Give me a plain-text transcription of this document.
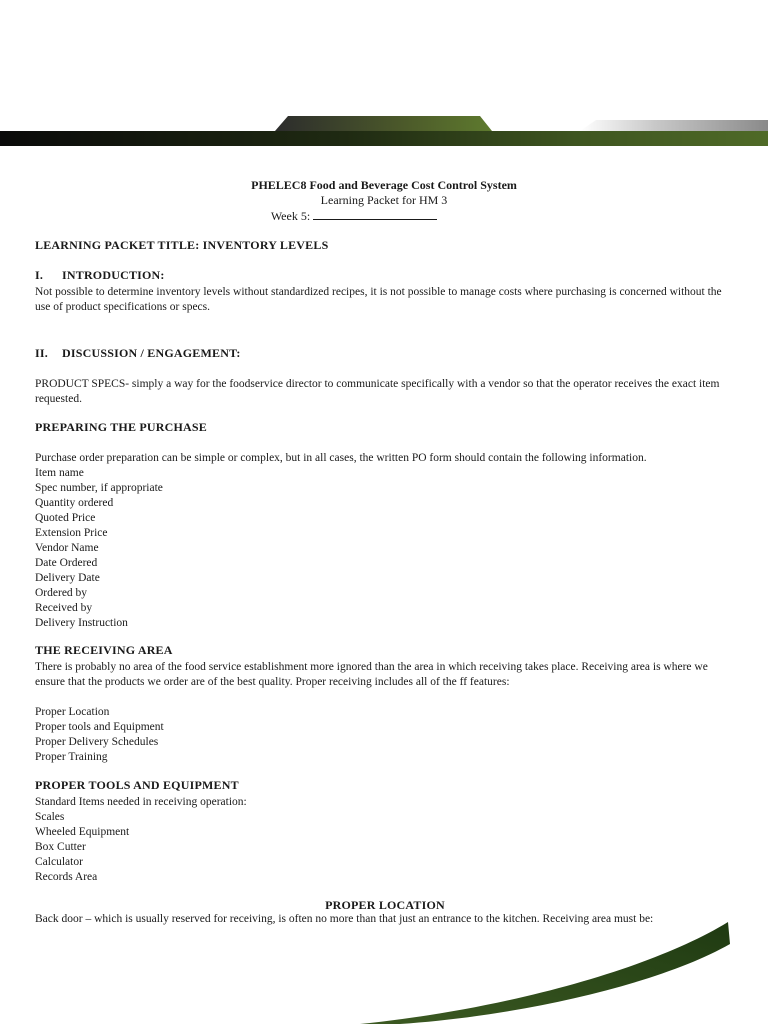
PHELEC8 Food and Beverage Cost Control System
Learning Packet for HM 3
Week 5:
LEARNING PACKET TITLE: INVENTORY LEVELS
I. INTRODUCTION:

Not possible to determine inventory levels without standardized recipes, it is not possible to manage costs where purchasing is concerned without the use of product specifications or specs.

II. DISCUSSION / ENGAGEMENT:

PRODUCT SPECS- simply a way for the foodservice director to communicate specifically with a vendor so that the operator receives the exact item requested.

PREPARING THE PURCHASE

Purchase order preparation can be simple or complex, but in all cases, the written PO form should contain the following information.

Item name
Spec number, if appropriate
Quantity ordered
Quoted Price
Extension Price
Vendor Name
Date Ordered
Delivery Date
Ordered by
Received by
Delivery Instruction
THE RECEIVING AREA

There is probably no area of the food service establishment more ignored than the area in which receiving takes place. Receiving area is where we ensure that the products we order are of the best quality. Proper receiving includes all of the ff features:

Proper Location
Proper tools and Equipment
Proper Delivery Schedules
Proper Training
PROPER TOOLS AND EQUIPMENT

Standard Items needed in receiving operation:

Scales
Wheeled Equipment
Box Cutter
Calculator
Records Area
PROPER LOCATION

Back door – which is usually reserved for receiving, is often no more than that just an entrance to the kitchen. Receiving area must be:
